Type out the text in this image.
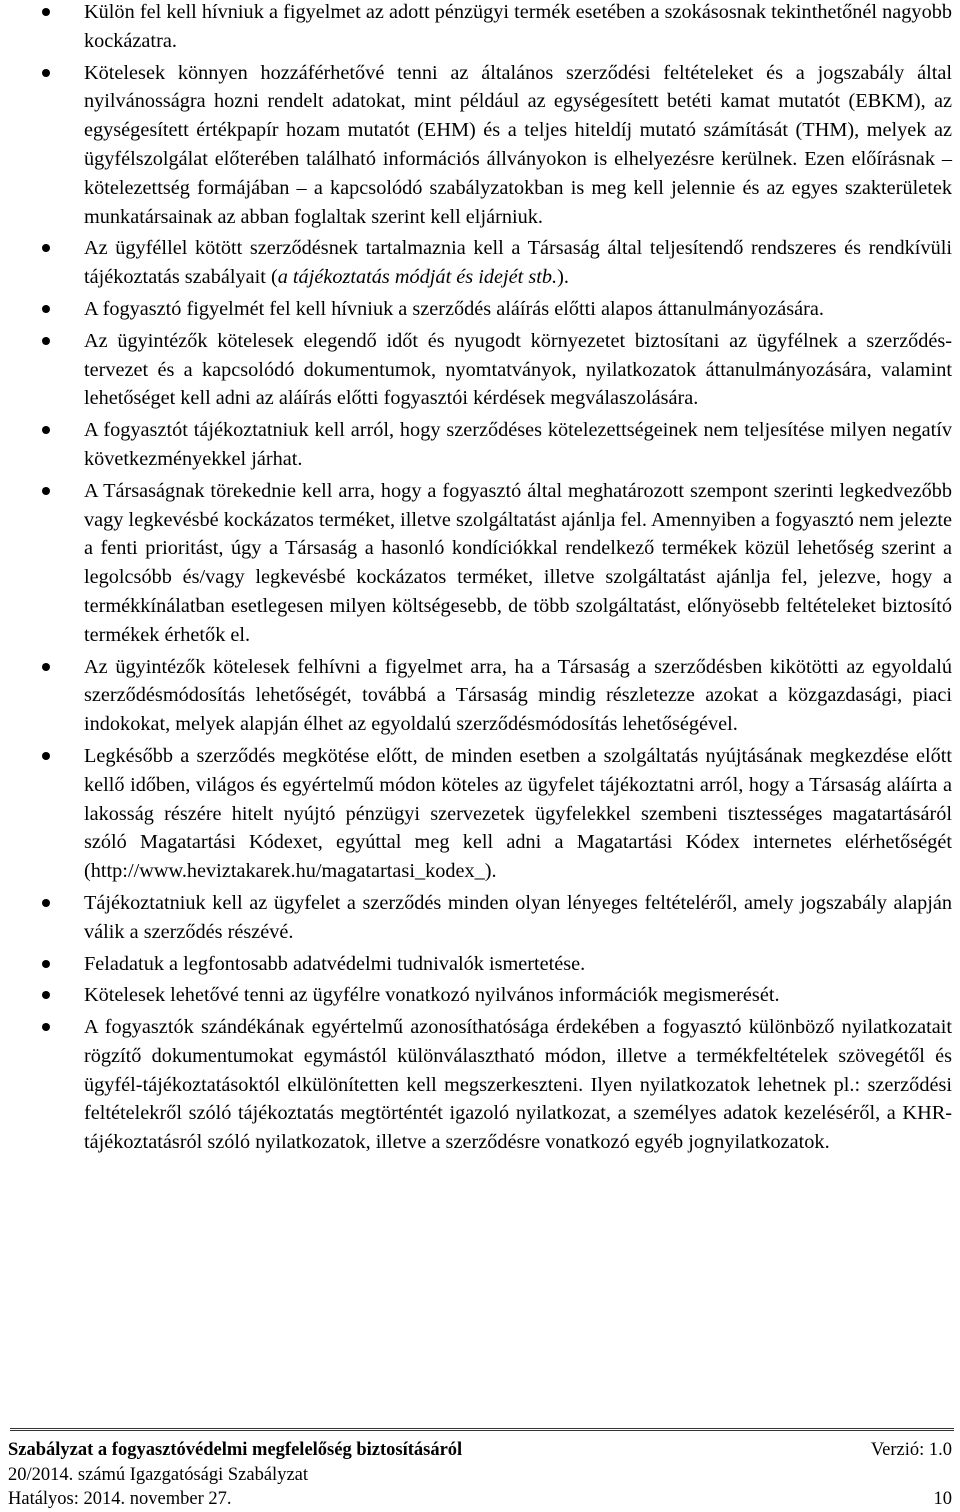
Külön fel kell hívniuk a figyelmet az adott pénzügyi termék esetében a szokásosnak tekinthetőnél nagyobb kockázatra.
Kötelesek könnyen hozzáférhetővé tenni az általános szerződési feltételeket és a jogszabály által nyilvánosságra hozni rendelt adatokat, mint például az egységesített betéti kamat mutatót (EBKM), az egységesített értékpapír hozam mutatót (EHM) és a teljes hiteldíj mutató számítását (THM), melyek az ügyfélszolgálat előterében található információs állványokon is elhelyezésre kerülnek. Ezen előírásnak – kötelezettség formájában – a kapcsolódó szabályzatokban is meg kell jelennie és az egyes szakterületek munkatársainak az abban foglaltak szerint kell eljárniuk.
Az ügyféllel kötött szerződésnek tartalmaznia kell a Társaság által teljesítendő rendszeres és rendkívüli tájékoztatás szabályait (a tájékoztatás módját és idejét stb.).
A fogyasztó figyelmét fel kell hívniuk a szerződés aláírás előtti alapos áttanulmányozására.
Az ügyintézők kötelesek elegendő időt és nyugodt környezetet biztosítani az ügyfélnek a szerződés-tervezet és a kapcsolódó dokumentumok, nyomtatványok, nyilatkozatok áttanulmányozására, valamint lehetőséget kell adni az aláírás előtti fogyasztói kérdések megválaszolására.
A fogyasztót tájékoztatniuk kell arról, hogy szerződéses kötelezettségeinek nem teljesítése milyen negatív következményekkel járhat.
A Társaságnak törekednie kell arra, hogy a fogyasztó által meghatározott szempont szerinti legkedvezőbb vagy legkevésbé kockázatos terméket, illetve szolgáltatást ajánlja fel. Amennyiben a fogyasztó nem jelezte a fenti prioritást, úgy a Társaság a hasonló kondíciókkal rendelkező termékek közül lehetőség szerint a legolcsóbb és/vagy legkevésbé kockázatos terméket, illetve szolgáltatást ajánlja fel, jelezve, hogy a termékkínálatban esetlegesen milyen költségesebb, de több szolgáltatást, előnyösebb feltételeket biztosító termékek érhetők el.
Az ügyintézők kötelesek felhívni a figyelmet arra, ha a Társaság a szerződésben kikötötti az egyoldalú szerződésmódosítás lehetőségét, továbbá a Társaság mindig részletezze azokat a közgazdasági, piaci indokokat, melyek alapján élhet az egyoldalú szerződésmódosítás lehetőségével.
Legkésőbb a szerződés megkötése előtt, de minden esetben a szolgáltatás nyújtásának megkezdése előtt kellő időben, világos és egyértelmű módon köteles az ügyfelet tájékoztatni arról, hogy a Társaság aláírta a lakosság részére hitelt nyújtó pénzügyi szervezetek ügyfelekkel szembeni tisztességes magatartásáról szóló Magatartási Kódexet, egyúttal meg kell adni a Magatartási Kódex internetes elérhetőségét (http://www.heviztakarek.hu/magatartasi_kodex_).
Tájékoztatniuk kell az ügyfelet a szerződés minden olyan lényeges feltételéről, amely jogszabály alapján válik a szerződés részévé.
Feladatuk a legfontosabb adatvédelmi tudnivalók ismertetése.
Kötelesek lehetővé tenni az ügyfélre vonatkozó nyilvános információk megismerését.
A fogyasztók szándékának egyértelmű azonosíthatósága érdekében a fogyasztó különböző nyilatkozatait rögzítő dokumentumokat egymástól különválasztható módon, illetve a termékfeltételek szövegétől és ügyfél-tájékoztatásoktól elkülönítetten kell megszerkeszteni. Ilyen nyilatkozatok lehetnek pl.: szerződési feltételekről szóló tájékoztatás megtörténtét igazoló nyilatkozat, a személyes adatok kezeléséről, a KHR-tájékoztatásról szóló nyilatkozatok, illetve a szerződésre vonatkozó egyéb jognyilatkozatok.
Szabályzat a fogyasztóvédelmi megfelelőség biztosításáról	Verzió: 1.0
20/2014. számú Igazgatósági Szabályzat
Hatályos: 2014. november 27.	10
